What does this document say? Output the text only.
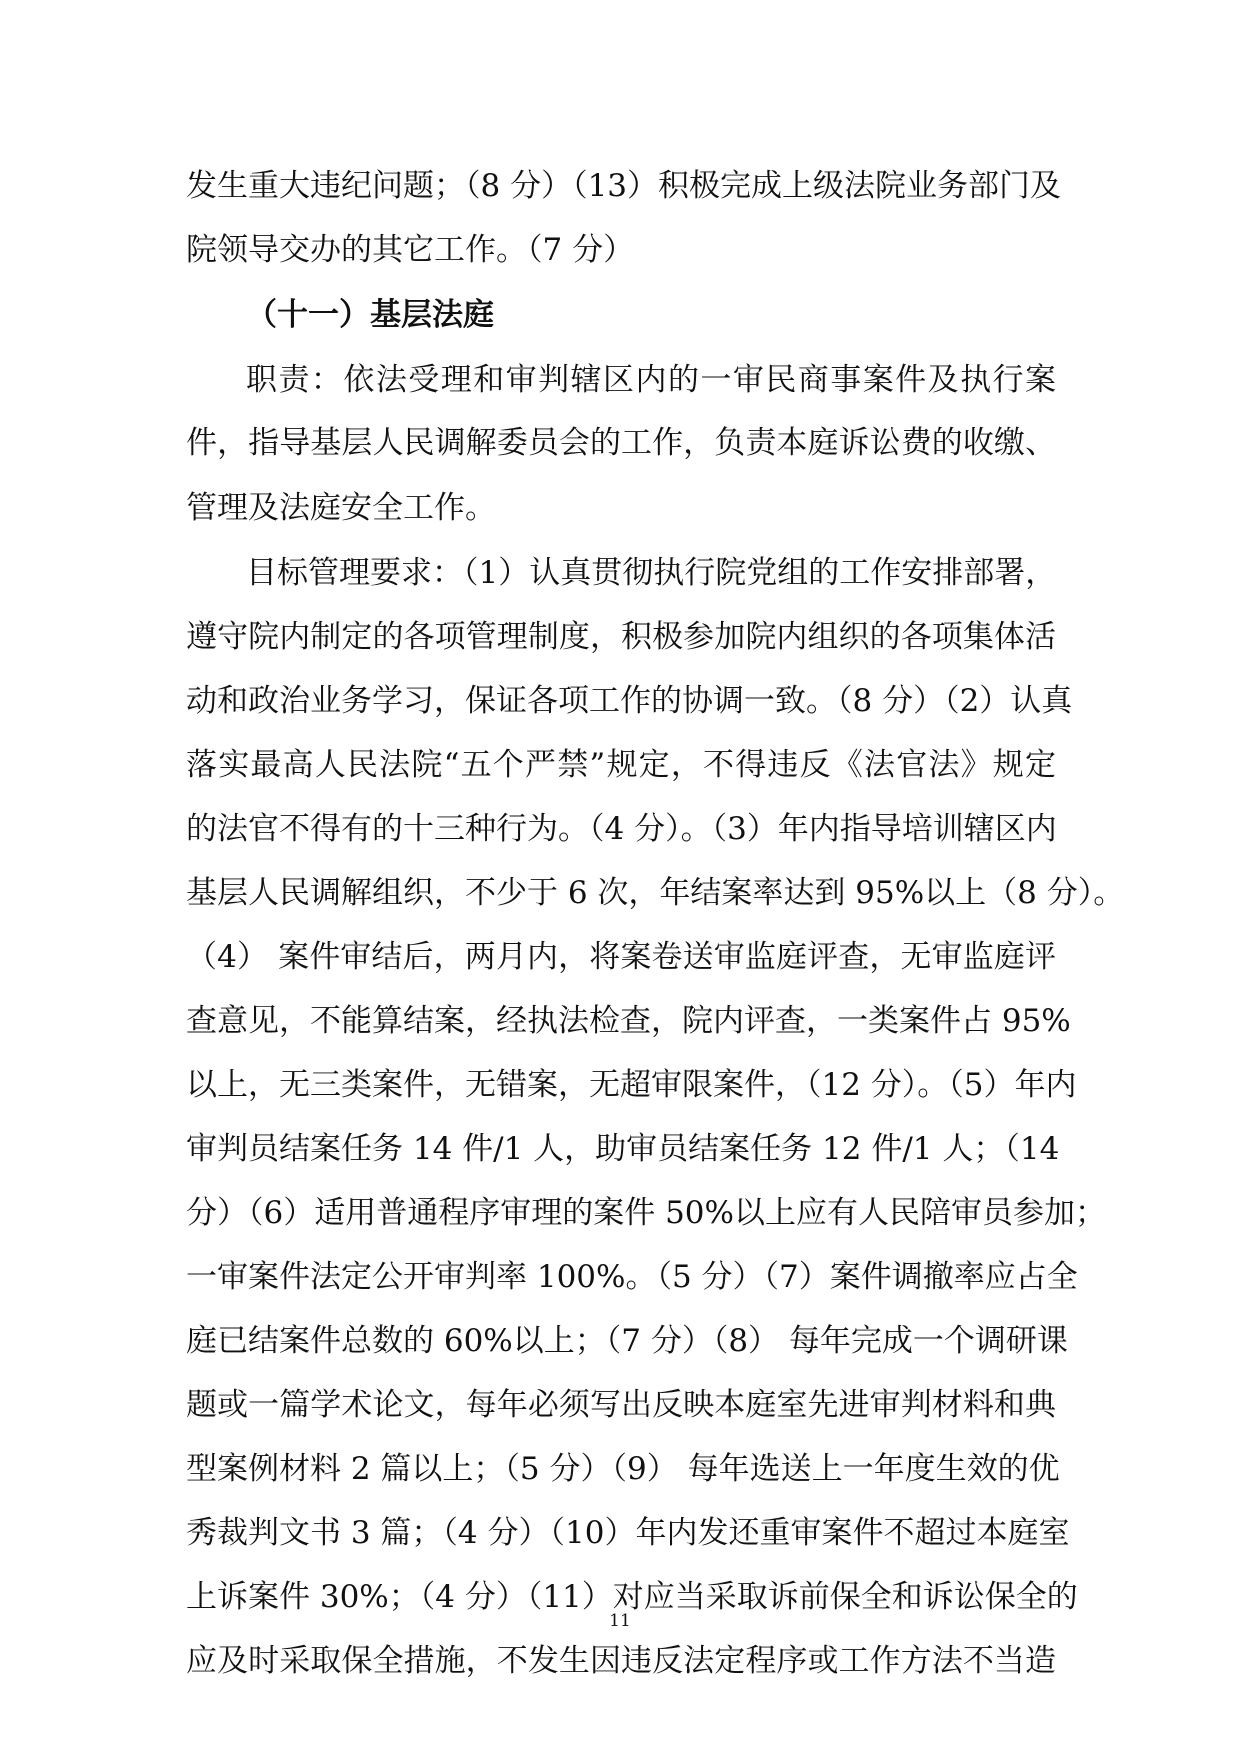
发生重大违纪问题；（8 分）（13）积极完成上级法院业务部门及
院领导交办的其它工作。（7 分）
（十一）基层法庭
职责：依法受理和审判辖区内的一审民商事案件及执行案
件，指导基层人民调解委员会的工作，负责本庭诉讼费的收缴、
管理及法庭安全工作。
目标管理要求：（1）认真贯彻执行院党组的工作安排部署，
遵守院内制定的各项管理制度，积极参加院内组织的各项集体活
动和政治业务学习，保证各项工作的协调一致。（8 分）（2）认真
落实最高人民法院“五个严禁”规定，不得违反《法官法》规定
的法官不得有的十三种行为。（4 分）。（3）年内指导培训辖区内
基层人民调解组织，不少于 6 次，年结案率达到 95%以上（8 分）。
（4） 案件审结后，两月内，将案卷送审监庭评查，无审监庭评
查意见，不能算结案，经执法检查，院内评查，一类案件占 95%
以上，无三类案件，无错案，无超审限案件，（12 分）。（5）年内
审判员结案任务 14 件/1 人，助审员结案任务 12 件/1 人；（14
分）（6）适用普通程序审理的案件 50%以上应有人民陪审员参加；
一审案件法定公开审判率 100%。（5 分）（7）案件调撤率应占全
庭已结案件总数的 60%以上；（7 分）（8） 每年完成一个调研课
题或一篇学术论文，每年必须写出反映本庭室先进审判材料和典
型案例材料 2 篇以上；（5 分）（9） 每年选送上一年度生效的优
秀裁判文书 3 篇；（4 分）（10）年内发还重审案件不超过本庭室
上诉案件 30%；（4 分）（11）对应当采取诉前保全和诉讼保全的
应及时采取保全措施，不发生因违反法定程序或工作方法不当造
11
